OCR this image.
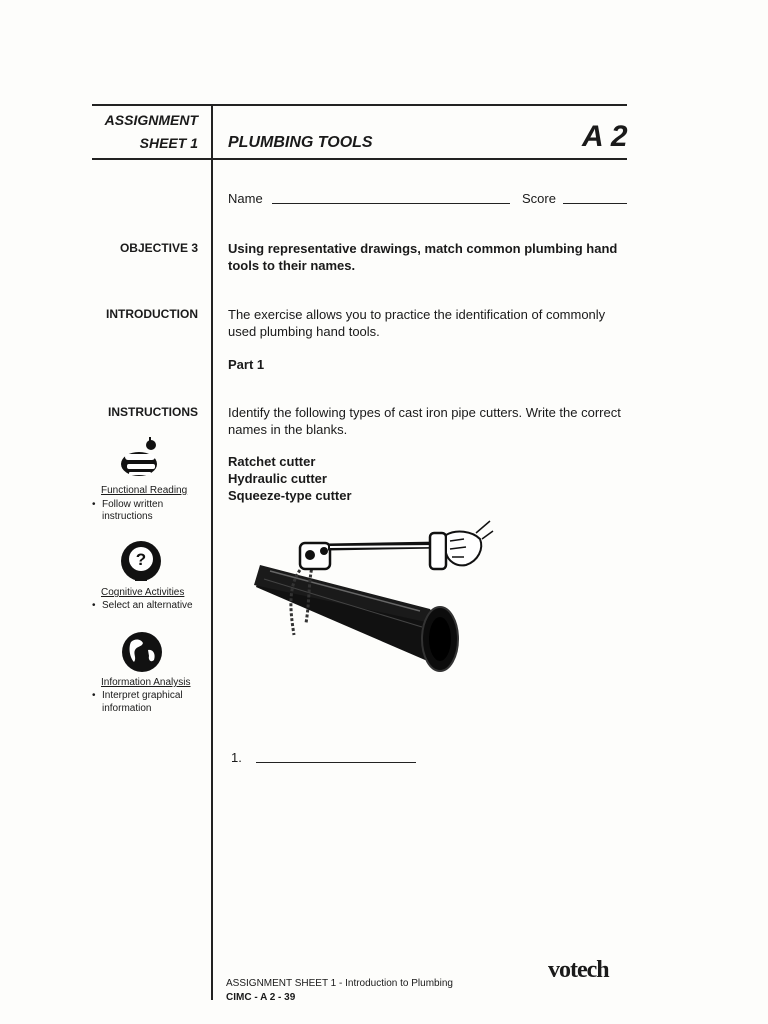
ASSIGNMENT
SHEET 1 PLUMBING TOOLS	A 2
Name	Score
OBJECTIVE 3 Using representative drawings, match common plumbing hand tools to their names.
INTRODUCTION The exercise allows you to practice the identification of commonly used plumbing hand tools.
Part 1
INSTRUCTIONS Identify the following types of cast iron pipe cutters. Write the correct names in the blanks.
Ratchet cutter
Hydraulic cutter
Squeeze-type cutter
Functional Reading
• Follow written
instructions
?
Cognitive Activities
• Select an alternative
Information Analysis
• Interpret graphical
information
1.
ASSIGNMENT SHEET 1 - Introduction to Plumbing
CIMC - A 2 - 39
votech
